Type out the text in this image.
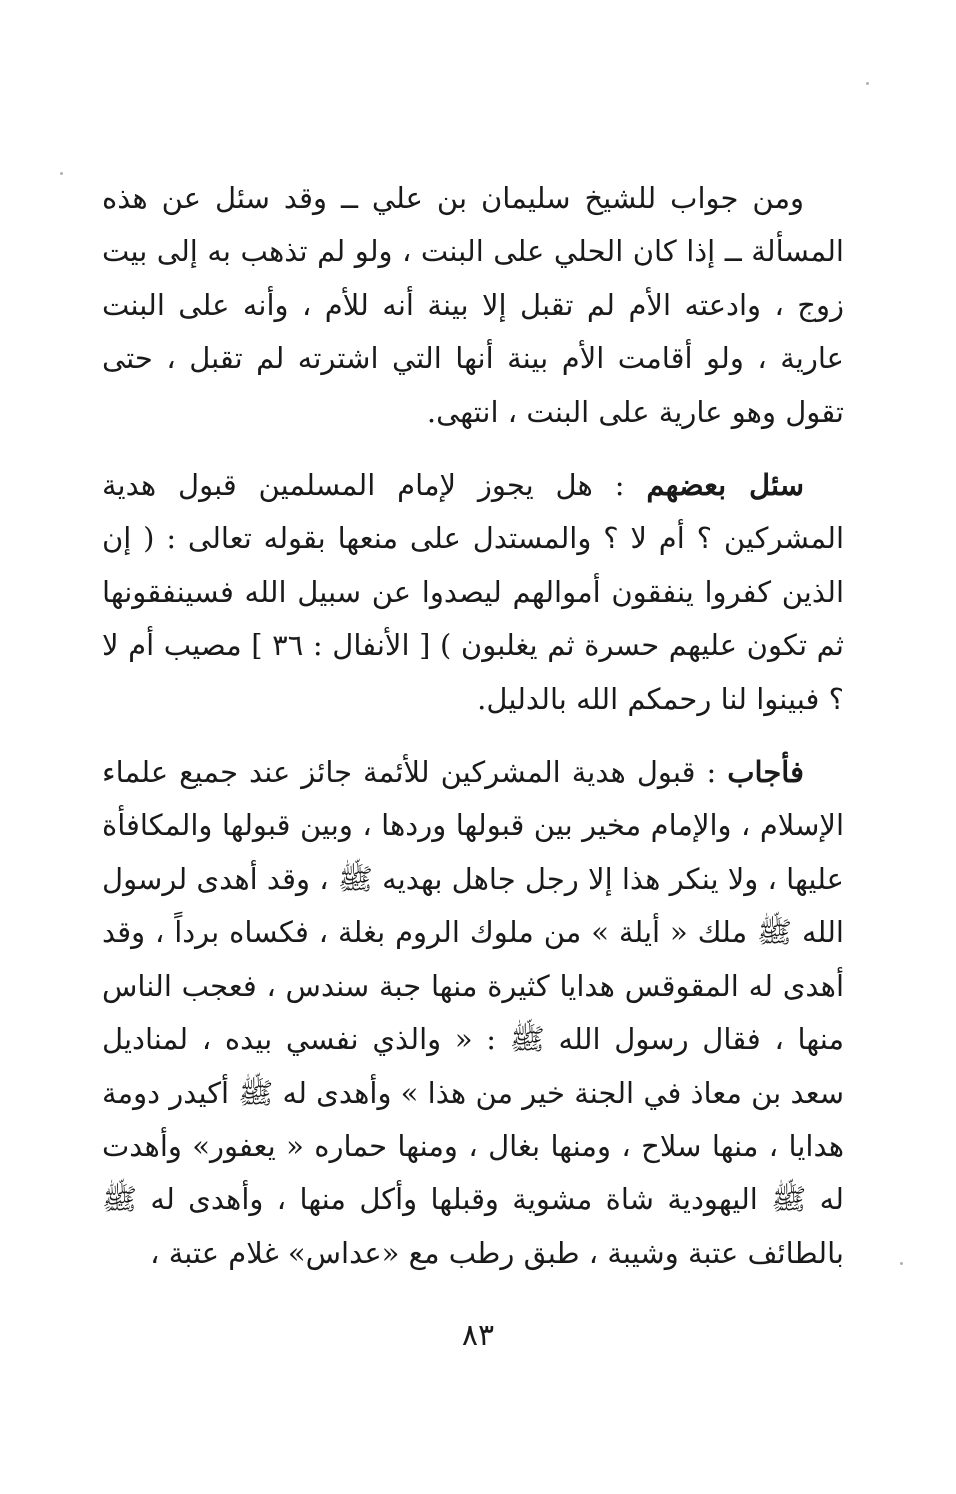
ومن جواب للشيخ سليمان بن علي ــ وقد سئل عن هذه المسألة ــ إذا كان الحلي على البنت ، ولو لم تذهب به إلى بيت زوج ، وادعته الأم لم تقبل إلا بينة أنه للأم ، وأنه على البنت عارية ، ولو أقامت الأم بينة أنها التي اشترته لم تقبل ، حتى تقول وهو عارية على البنت ، انتهى.

سئل بعضهم : هل يجوز لإمام المسلمين قبول هدية المشركين ؟ أم لا ؟ والمستدل على منعها بقوله تعالى : ( إن الذين كفروا ينفقون أموالهم ليصدوا عن سبيل الله فسينفقونها ثم تكون عليهم حسرة ثم يغلبون ) [ الأنفال : ٣٦ ] مصيب أم لا ؟ فبينوا لنا رحمكم الله بالدليل.

فأجاب : قبول هدية المشركين للأئمة جائز عند جميع علماء الإسلام ، والإمام مخير بين قبولها وردها ، وبين قبولها والمكافأة عليها ، ولا ينكر هذا إلا رجل جاهل بهديه ﷺ ، وقد أهدى لرسول الله ﷺ ملك « أيلة » من ملوك الروم بغلة ، فكساه برداً ، وقد أهدى له المقوقس هدايا كثيرة منها جبة سندس ، فعجب الناس منها ، فقال رسول الله ﷺ : « والذي نفسي بيده ، لمناديل سعد بن معاذ في الجنة خير من هذا » وأهدى له ﷺ أكيدر دومة هدايا ، منها سلاح ، ومنها بغال ، ومنها حماره « يعفور» وأهدت له ﷺ اليهودية شاة مشوية وقبلها وأكل منها ، وأهدى له ﷺ بالطائف عتبة وشيبة ، طبق رطب مع «عداس» غلام عتبة ،

٨٣
